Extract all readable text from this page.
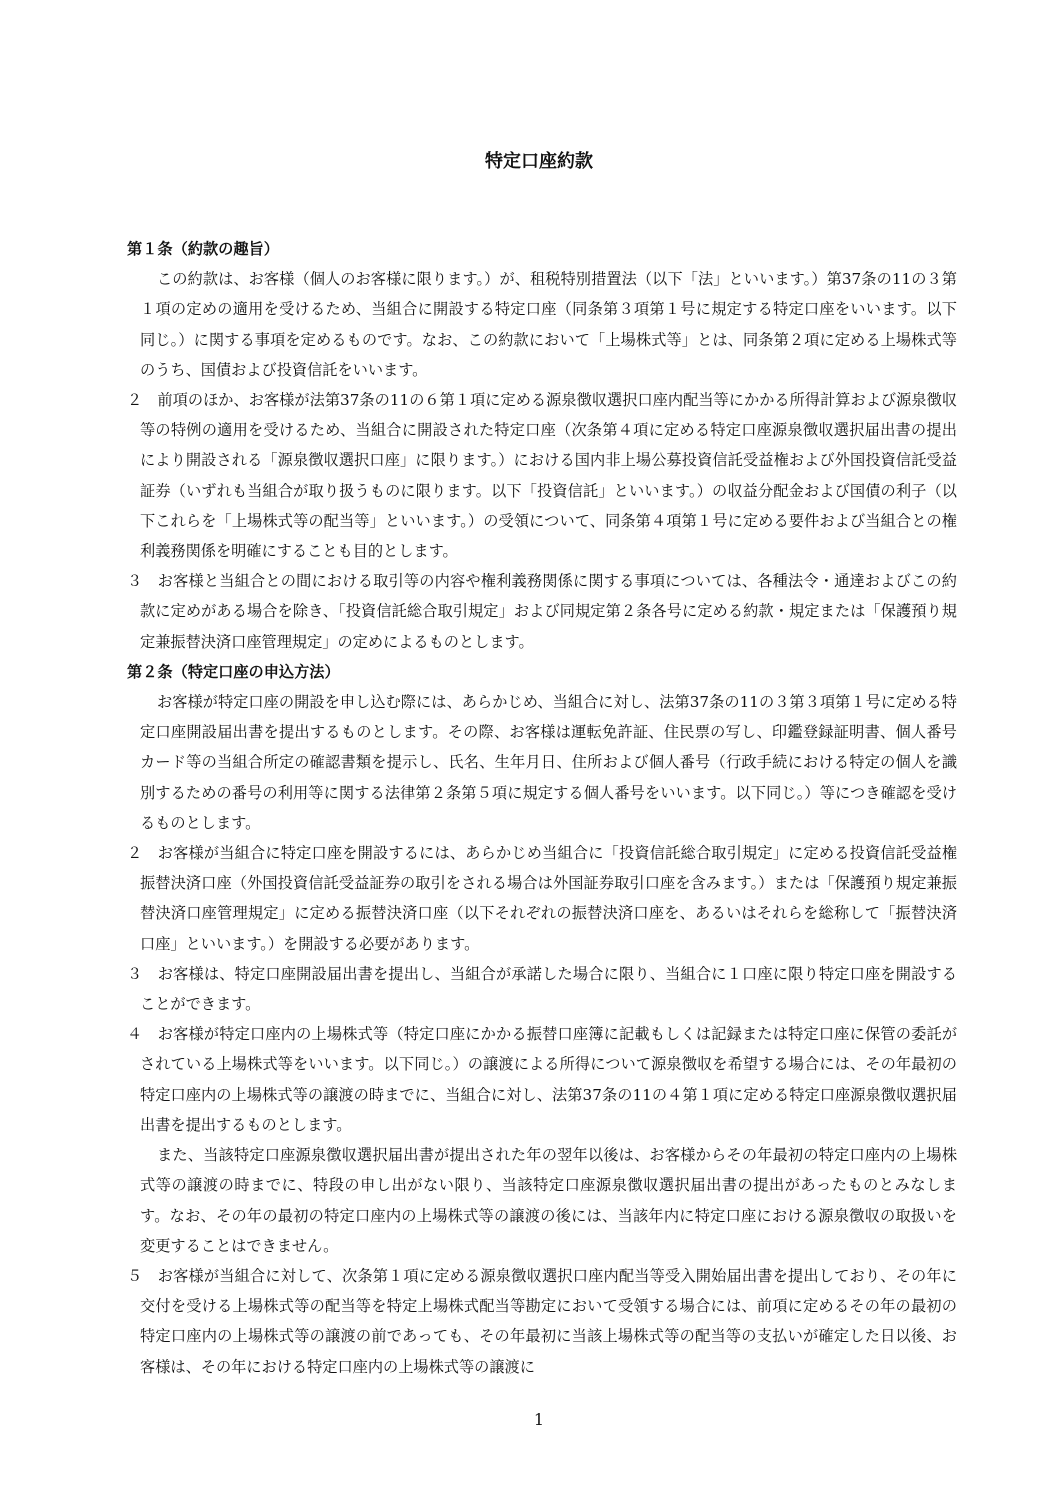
特定口座約款

第１条（約款の趣旨）

この約款は、お客様（個人のお客様に限ります。）が、租税特別措置法（以下「法」といいます。）第37条の11の３第１項の定めの適用を受けるため、当組合に開設する特定口座（同条第３項第１号に規定する特定口座をいいます。以下同じ。）に関する事項を定めるものです。なお、この約款において「上場株式等」とは、同条第２項に定める上場株式等のうち、国債および投資信託をいいます。

２　前項のほか、お客様が法第37条の11の６第１項に定める源泉徴収選択口座内配当等にかかる所得計算および源泉徴収等の特例の適用を受けるため、当組合に開設された特定口座（次条第４項に定める特定口座源泉徴収選択届出書の提出により開設される「源泉徴収選択口座」に限ります。）における国内非上場公募投資信託受益権および外国投資信託受益証券（いずれも当組合が取り扱うものに限ります。以下「投資信託」といいます。）の収益分配金および国債の利子（以下これらを「上場株式等の配当等」といいます。）の受領について、同条第４項第１号に定める要件および当組合との権利義務関係を明確にすることも目的とします。

３　お客様と当組合との間における取引等の内容や権利義務関係に関する事項については、各種法令・通達およびこの約款に定めがある場合を除き、「投資信託総合取引規定」および同規定第２条各号に定める約款・規定または「保護預り規定兼振替決済口座管理規定」の定めによるものとします。

第２条（特定口座の申込方法）

お客様が特定口座の開設を申し込む際には、あらかじめ、当組合に対し、法第37条の11の３第３項第１号に定める特定口座開設届出書を提出するものとします。その際、お客様は運転免許証、住民票の写し、印鑑登録証明書、個人番号カード等の当組合所定の確認書類を提示し、氏名、生年月日、住所および個人番号（行政手続における特定の個人を識別するための番号の利用等に関する法律第２条第５項に規定する個人番号をいいます。以下同じ。）等につき確認を受けるものとします。

２　お客様が当組合に特定口座を開設するには、あらかじめ当組合に「投資信託総合取引規定」に定める投資信託受益権振替決済口座（外国投資信託受益証券の取引をされる場合は外国証券取引口座を含みます。）または「保護預り規定兼振替決済口座管理規定」に定める振替決済口座（以下それぞれの振替決済口座を、あるいはそれらを総称して「振替決済口座」といいます。）を開設する必要があります。

３　お客様は、特定口座開設届出書を提出し、当組合が承諾した場合に限り、当組合に１口座に限り特定口座を開設することができます。

４　お客様が特定口座内の上場株式等（特定口座にかかる振替口座簿に記載もしくは記録または特定口座に保管の委託がされている上場株式等をいいます。以下同じ。）の譲渡による所得について源泉徴収を希望する場合には、その年最初の特定口座内の上場株式等の譲渡の時までに、当組合に対し、法第37条の11の４第１項に定める特定口座源泉徴収選択届出書を提出するものとします。

また、当該特定口座源泉徴収選択届出書が提出された年の翌年以後は、お客様からその年最初の特定口座内の上場株式等の譲渡の時までに、特段の申し出がない限り、当該特定口座源泉徴収選択届出書の提出があったものとみなします。なお、その年の最初の特定口座内の上場株式等の譲渡の後には、当該年内に特定口座における源泉徴収の取扱いを変更することはできません。

５　お客様が当組合に対して、次条第１項に定める源泉徴収選択口座内配当等受入開始届出書を提出しており、その年に交付を受ける上場株式等の配当等を特定上場株式配当等勘定において受領する場合には、前項に定めるその年の最初の特定口座内の上場株式等の譲渡の前であっても、その年最初に当該上場株式等の配当等の支払いが確定した日以後、お客様は、その年における特定口座内の上場株式等の譲渡に

1
